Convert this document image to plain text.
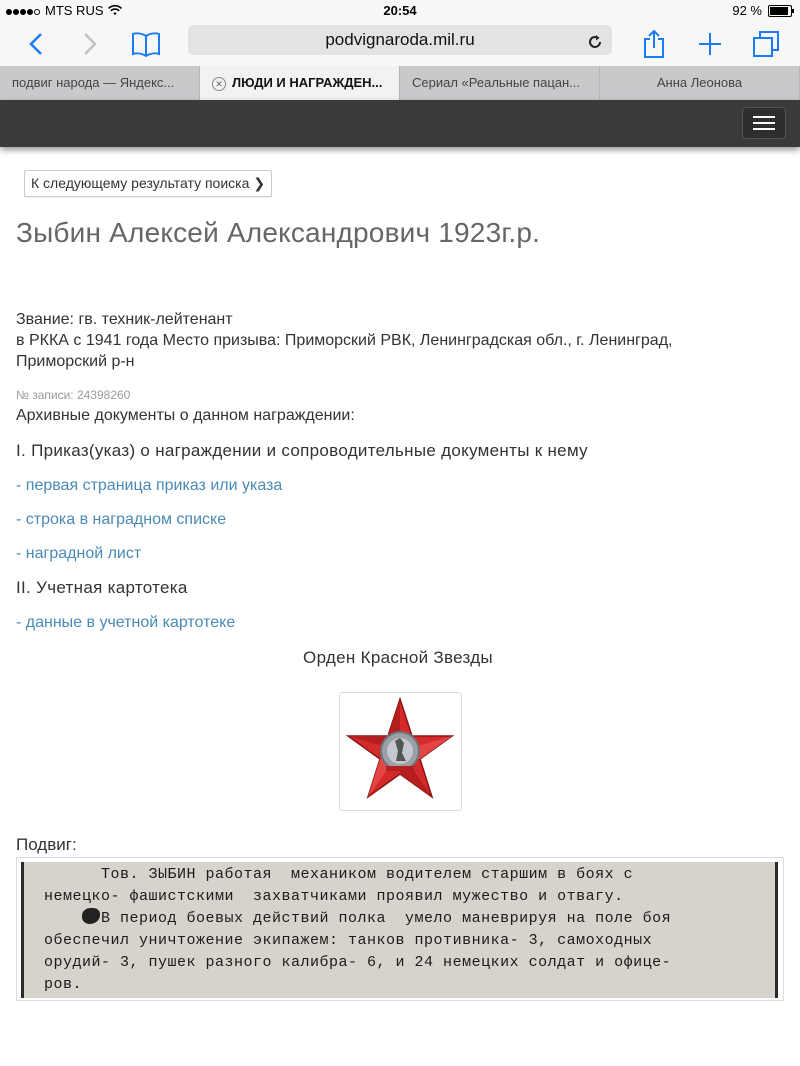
MTS RUS	20:54	92 %
podvignaroda.mil.ru
подвиг народа — Яндекс...	✕ ЛЮДИ И НАГРАЖДЕН...	Сериал «Реальные пацан...	Анна Леонова
К следующему результату поиска ❯
Зыбин Алексей Александрович 1923г.р.
Звание: гв. техник-лейтенант
в РККА с 1941 года Место призыва: Приморский РВК, Ленинградская обл., г. Ленинград,
Приморский р-н
№ записи: 24398260
Архивные документы о данном награждении:
I. Приказ(указ) о награждении и сопроводительные документы к нему
- первая страница приказ или указа
- строка в наградном списке
- наградной лист
II. Учетная картотека
- данные в учетной картотеке
Орден Красной Звезды
Подвиг:
Тов. ЗЫБИН работая  механиком водителем старшим в боях с
немецко- фашистскими  захватчиками проявил мужество и отвагу.
В период боевых действий полка  умело маневрируя на поле боя
обеспечил уничтожение экипажем: танков противника- 3, самоходных
орудий- 3, пушек разного калибра- 6, и 24 немецких солдат и офице-
ров.
